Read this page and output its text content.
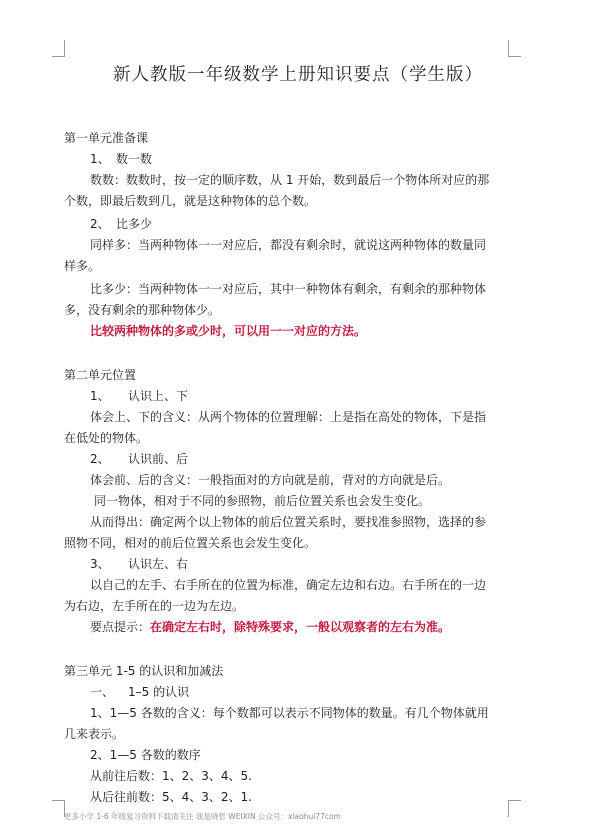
新人教版一年级数学上册知识要点（学生版）

第一单元准备课

1、 数一数

数数：数数时，按一定的顺序数，从 1 开始，数到最后一个物体所对应的那

个数，即最后数到几，就是这种物体的总个数。

2、 比多少

同样多：当两种物体一一对应后，都没有剩余时，就说这两种物体的数量同

样多。

比多少：当两种物体一一对应后，其中一种物体有剩余，有剩余的那种物体

多，没有剩余的那种物体少。

比较两种物体的多或少时，可以用一一对应的方法。

第二单元位置

1、 认识上、下

体会上、下的含义：从两个物体的位置理解：上是指在高处的物体，下是指

在低处的物体。

2、 认识前、后

体会前、后的含义：一般指面对的方向就是前，背对的方向就是后。

同一物体，相对于不同的参照物，前后位置关系也会发生变化。

从而得出：确定两个以上物体的前后位置关系时，要找准参照物，选择的参

照物不同，相对的前后位置关系也会发生变化。

3、 认识左、右

以自己的左手、右手所在的位置为标准，确定左边和右边。右手所在的一边

为右边，左手所在的一边为左边。

要点提示：在确定左右时，除特殊要求，一般以观察者的左右为准。

第三单元 1-5 的认识和加减法

一、 1–5 的认识

1、1—5 各数的含义：每个数都可以表示不同物体的数量。有几个物体就用

几来表示。

2、1—5 各数的数序

从前往后数：1、2、3、4、5.

从后往前数：5、4、3、2、1.

更多小学 1-6 年级复习资料下载请关注 我是晓哲 WEIXIN 公众号：xiaohui77com
